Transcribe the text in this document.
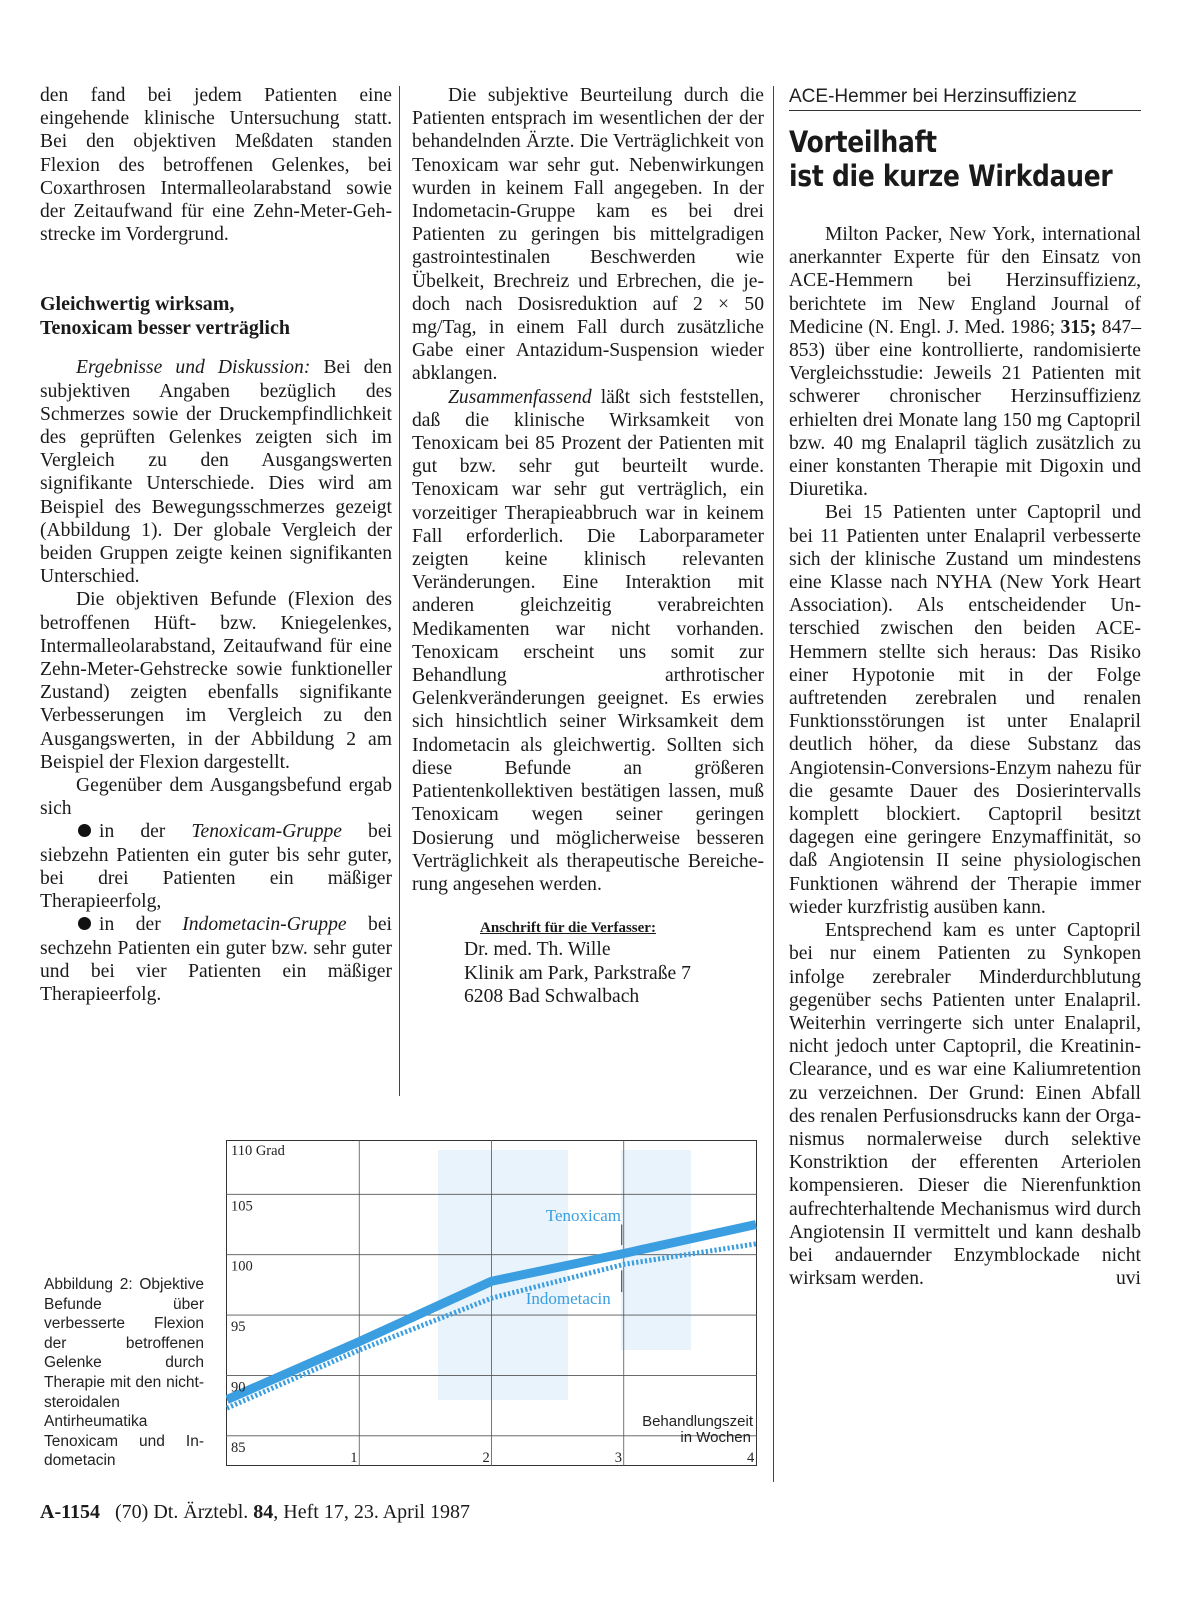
den fand bei jedem Patienten eine eingehende klinische Untersuchung statt. Bei den objektiven Meßdaten standen Flexion des betroffenen Gelenkes, bei Coxarthrosen Intermalleolarabstand sowie der Zeitaufwand für eine Zehn-Meter-Gehstrecke im Vordergrund.

Gleichwertig wirksam,
Tenoxicam besser verträglich

Ergebnisse und Diskussion: Bei den subjektiven Angaben bezüglich des Schmerzes sowie der Druckempfindlichkeit des geprüften Gelenkes zeigten sich im Vergleich zu den Ausgangswerten signifikante Unterschiede. Dies wird am Beispiel des Bewegungsschmerzes gezeigt (Abbildung 1). Der globale Vergleich der beiden Gruppen zeigte keinen signifikanten Unterschied.

Die objektiven Befunde (Flexion des betroffenen Hüft- bzw. Kniegelenkes, Intermalleolarabstand, Zeitaufwand für eine Zehn-Meter-Gehstrecke sowie funktioneller Zustand) zeigten ebenfalls signifikante Verbesserungen im Vergleich zu den Ausgangswerten, in der Abbildung 2 am Beispiel der Flexion dargestellt.

Gegenüber dem Ausgangsbefund ergab sich

in der Tenoxicam-Gruppe bei siebzehn Patienten ein guter bis sehr guter, bei drei Patienten ein mäßiger Therapieerfolg,

in der Indometacin-Gruppe bei sechzehn Patienten ein guter bzw. sehr guter und bei vier Patienten ein mäßiger Therapieerfolg.

Die subjektive Beurteilung durch die Patienten entsprach im wesentlichen der der behandelnden Ärzte. Die Verträglichkeit von Tenoxicam war sehr gut. Nebenwirkungen wurden in keinem Fall angegeben. In der Indometacin-Gruppe kam es bei drei Patienten zu geringen bis mittelgradigen gastrointestinalen Beschwerden wie Übelkeit, Brechreiz und Erbrechen, die jedoch nach Dosisreduktion auf 2 × 50 mg/Tag, in einem Fall durch zusätzliche Gabe einer Antazidum-Suspension wieder abklangen.

Zusammenfassend läßt sich feststellen, daß die klinische Wirksamkeit von Tenoxicam bei 85 Prozent der Patienten mit gut bzw. sehr gut beurteilt wurde. Tenoxicam war sehr gut verträglich, ein vorzeitiger Therapieabbruch war in keinem Fall erforderlich. Die Laborparameter zeigten keine klinisch relevanten Veränderungen. Eine Interaktion mit anderen gleichzeitig verabreichten Medikamenten war nicht vorhanden. Tenoxicam erscheint uns somit zur Behandlung arthrotischer Gelenkveränderungen geeignet. Es erwies sich hinsichtlich seiner Wirksamkeit dem Indometacin als gleichwertig. Sollten sich diese Befunde an größeren Patientenkollektiven bestätigen lassen, muß Tenoxicam wegen seiner geringen Dosierung und möglicherweise besseren Verträglichkeit als therapeutische Bereicherung angesehen werden.

Anschrift für die Verfasser:
Dr. med. Th. Wille
Klinik am Park, Parkstraße 7
6208 Bad Schwalbach

ACE-Hemmer bei Herzinsuffizienz

Vorteilhaft
ist die kurze Wirkdauer

Milton Packer, New York, international anerkannter Experte für den Einsatz von ACE-Hemmern bei Herzinsuffizienz, berichtete im New England Journal of Medicine (N. Engl. J. Med. 1986; 315; 847–853) über eine kontrollierte, randomisierte Vergleichsstudie: Jeweils 21 Patienten mit schwerer chronischer Herzinsuffizienz erhielten drei Monate lang 150 mg Captopril bzw. 40 mg Enalapril täglich zusätzlich zu einer konstanten Therapie mit Digoxin und Diuretika.

Bei 15 Patienten unter Captopril und bei 11 Patienten unter Enalapril verbesserte sich der klinische Zustand um mindestens eine Klasse nach NYHA (New York Heart Association). Als entscheidender Unterschied zwischen den beiden ACE-Hemmern stellte sich heraus: Das Risiko einer Hypotonie mit in der Folge auftretenden zerebralen und renalen Funktionsstörungen ist unter Enalapril deutlich höher, da diese Substanz das Angiotensin-Conversions-Enzym nahezu für die gesamte Dauer des Dosierintervalls komplett blockiert. Captopril besitzt dagegen eine geringere Enzymaffinität, so daß Angiotensin II seine physiologischen Funktionen während der Therapie immer wieder kurzfristig ausüben kann.

Entsprechend kam es unter Captopril bei nur einem Patienten zu Synkopen infolge zerebraler Minderdurchblutung gegenüber sechs Patienten unter Enalapril. Weiterhin verringerte sich unter Enalapril, nicht jedoch unter Captopril, die Kreatinin-Clearance, und es war eine Kaliumretention zu verzeichnen. Der Grund: Einen Abfall des renalen Perfusionsdrucks kann der Organismus normalerweise durch selektive Konstriktion der efferenten Arteriolen kompensieren. Dieser die Nierenfunktion aufrechterhaltende Mechanismus wird durch Angiotensin II vermittelt und kann deshalb bei andauernder Enzymblockade nicht wirksam werden.	uvi

Abbildung 2: Objektive Befunde über verbesserte Flexion der betroffenen Gelenke durch Therapie mit den nicht-steroidalen Antirheumatika Tenoxicam und Indometacin
110 Grad
85
90
95
100
105
1	2	3	4
Behandlungszeit
in Wochen
Tenoxicam
Indometacin
A-1154 (70) Dt. Ärztebl. 84, Heft 17, 23. April 1987
